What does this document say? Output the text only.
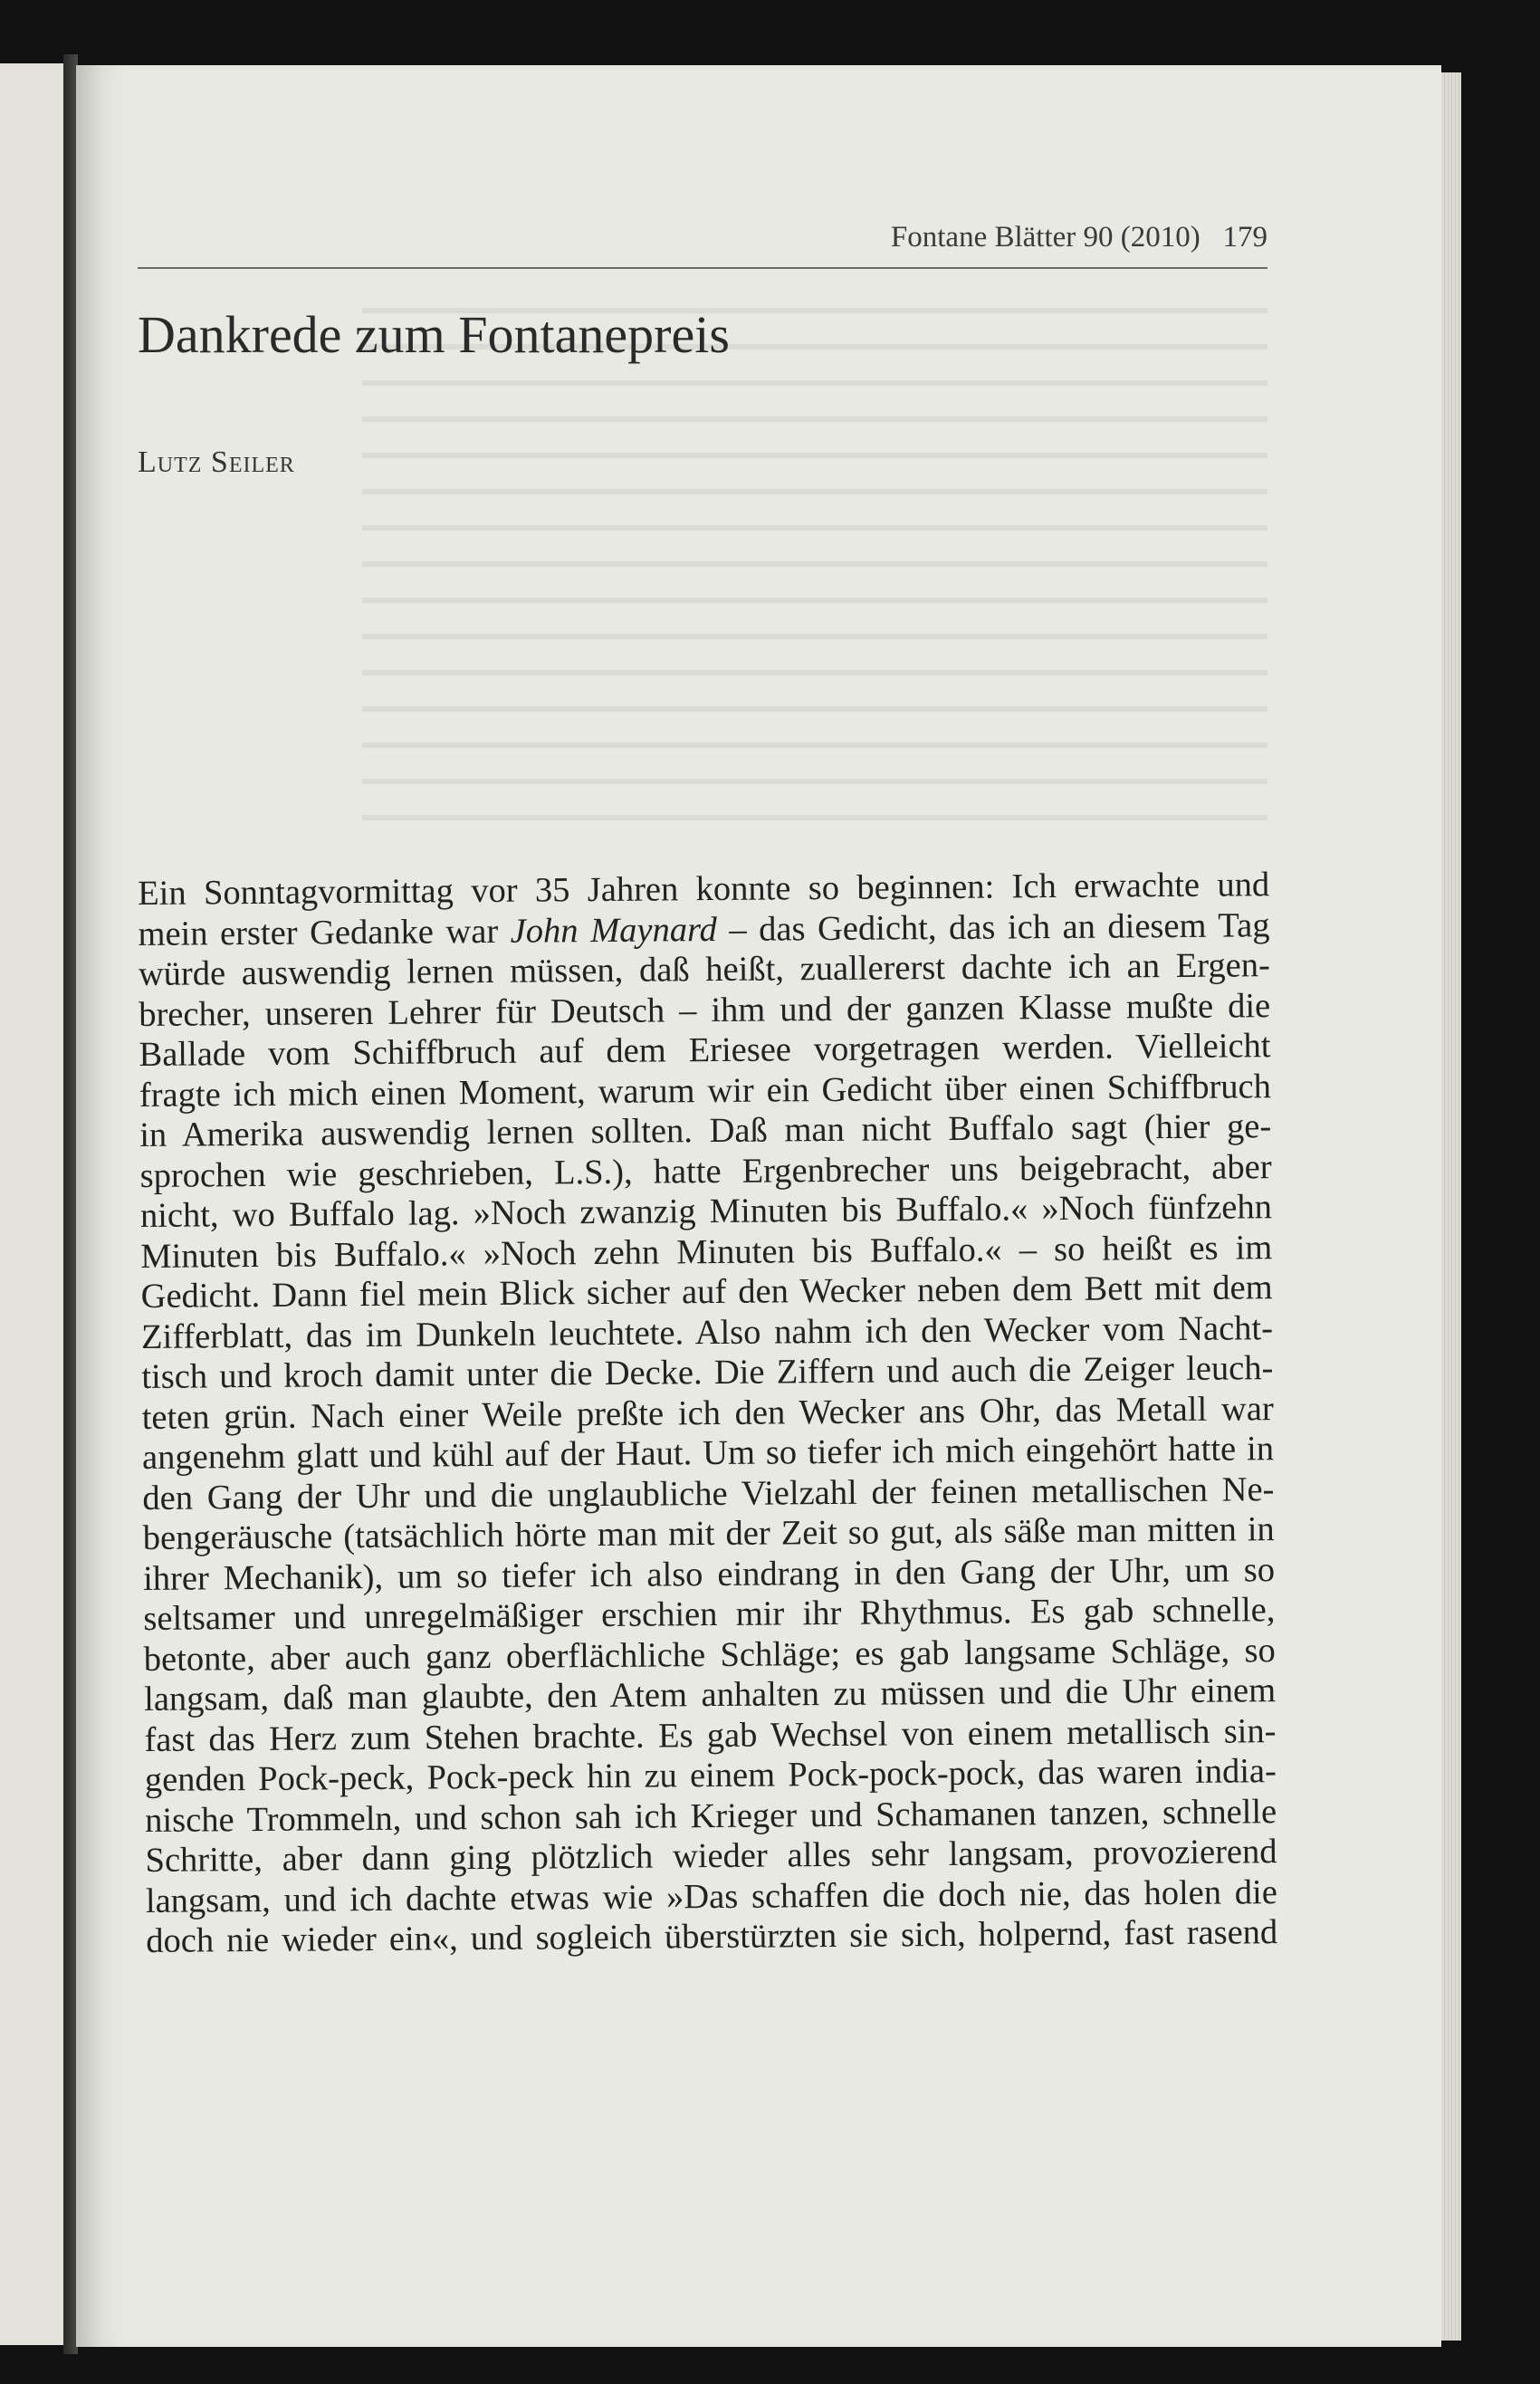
Fontane Blätter 90 (2010)   179
Dankrede zum Fontanepreis
Lutz Seiler
Ein Sonntagvormittag vor 35 Jahren konnte so beginnen: Ich erwachte und
mein erster Gedanke war John Maynard – das Gedicht, das ich an diesem Tag
würde auswendig lernen müssen, daß heißt, zuallererst dachte ich an Ergen-
brecher, unseren Lehrer für Deutsch – ihm und der ganzen Klasse mußte die
Ballade vom Schiffbruch auf dem Eriesee vorgetragen werden. Vielleicht
fragte ich mich einen Moment, warum wir ein Gedicht über einen Schiffbruch
in Amerika auswendig lernen sollten. Daß man nicht Buffalo sagt (hier ge-
sprochen wie geschrieben, L.S.), hatte Ergenbrecher uns beigebracht, aber
nicht, wo Buffalo lag. »Noch zwanzig Minuten bis Buffalo.« »Noch fünfzehn
Minuten bis Buffalo.« »Noch zehn Minuten bis Buffalo.« – so heißt es im
Gedicht. Dann fiel mein Blick sicher auf den Wecker neben dem Bett mit dem
Zifferblatt, das im Dunkeln leuchtete. Also nahm ich den Wecker vom Nacht-
tisch und kroch damit unter die Decke. Die Ziffern und auch die Zeiger leuch-
teten grün. Nach einer Weile preßte ich den Wecker ans Ohr, das Metall war
angenehm glatt und kühl auf der Haut. Um so tiefer ich mich eingehört hatte in
den Gang der Uhr und die unglaubliche Vielzahl der feinen metallischen Ne-
bengeräusche (tatsächlich hörte man mit der Zeit so gut, als säße man mitten in
ihrer Mechanik), um so tiefer ich also eindrang in den Gang der Uhr, um so
seltsamer und unregelmäßiger erschien mir ihr Rhythmus. Es gab schnelle,
betonte, aber auch ganz oberflächliche Schläge; es gab langsame Schläge, so
langsam, daß man glaubte, den Atem anhalten zu müssen und die Uhr einem
fast das Herz zum Stehen brachte. Es gab Wechsel von einem metallisch sin-
genden Pock-peck, Pock-peck hin zu einem Pock-pock-pock, das waren india-
nische Trommeln, und schon sah ich Krieger und Schamanen tanzen, schnelle
Schritte, aber dann ging plötzlich wieder alles sehr langsam, provozierend
langsam, und ich dachte etwas wie »Das schaffen die doch nie, das holen die
doch nie wieder ein«, und sogleich überstürzten sie sich, holpernd, fast rasend
